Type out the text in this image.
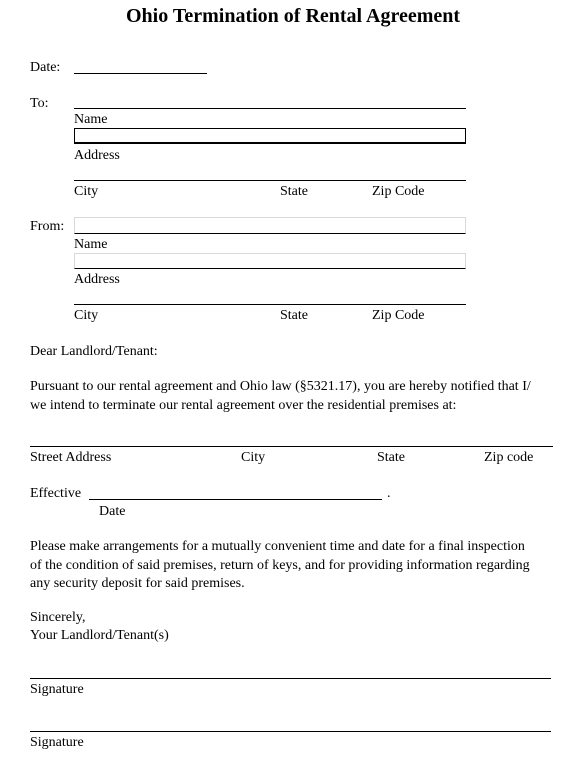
Ohio Termination of Rental Agreement
Date:
To:
Name
Address
City	State	Zip Code
From:
Name
Address
City	State	Zip Code
Dear Landlord/Tenant:
Pursuant to our rental agreement and Ohio law (§5321.17), you are hereby notified that I/
we intend to terminate our rental agreement over the residential premises at:
Street Address	City	State	Zip code
Effective	.
Date
Please make arrangements for a mutually convenient time and date for a final inspection
of the condition of said premises, return of keys, and for providing information regarding
any security deposit for said premises.
Sincerely,
Your Landlord/Tenant(s)
Signature
Signature
